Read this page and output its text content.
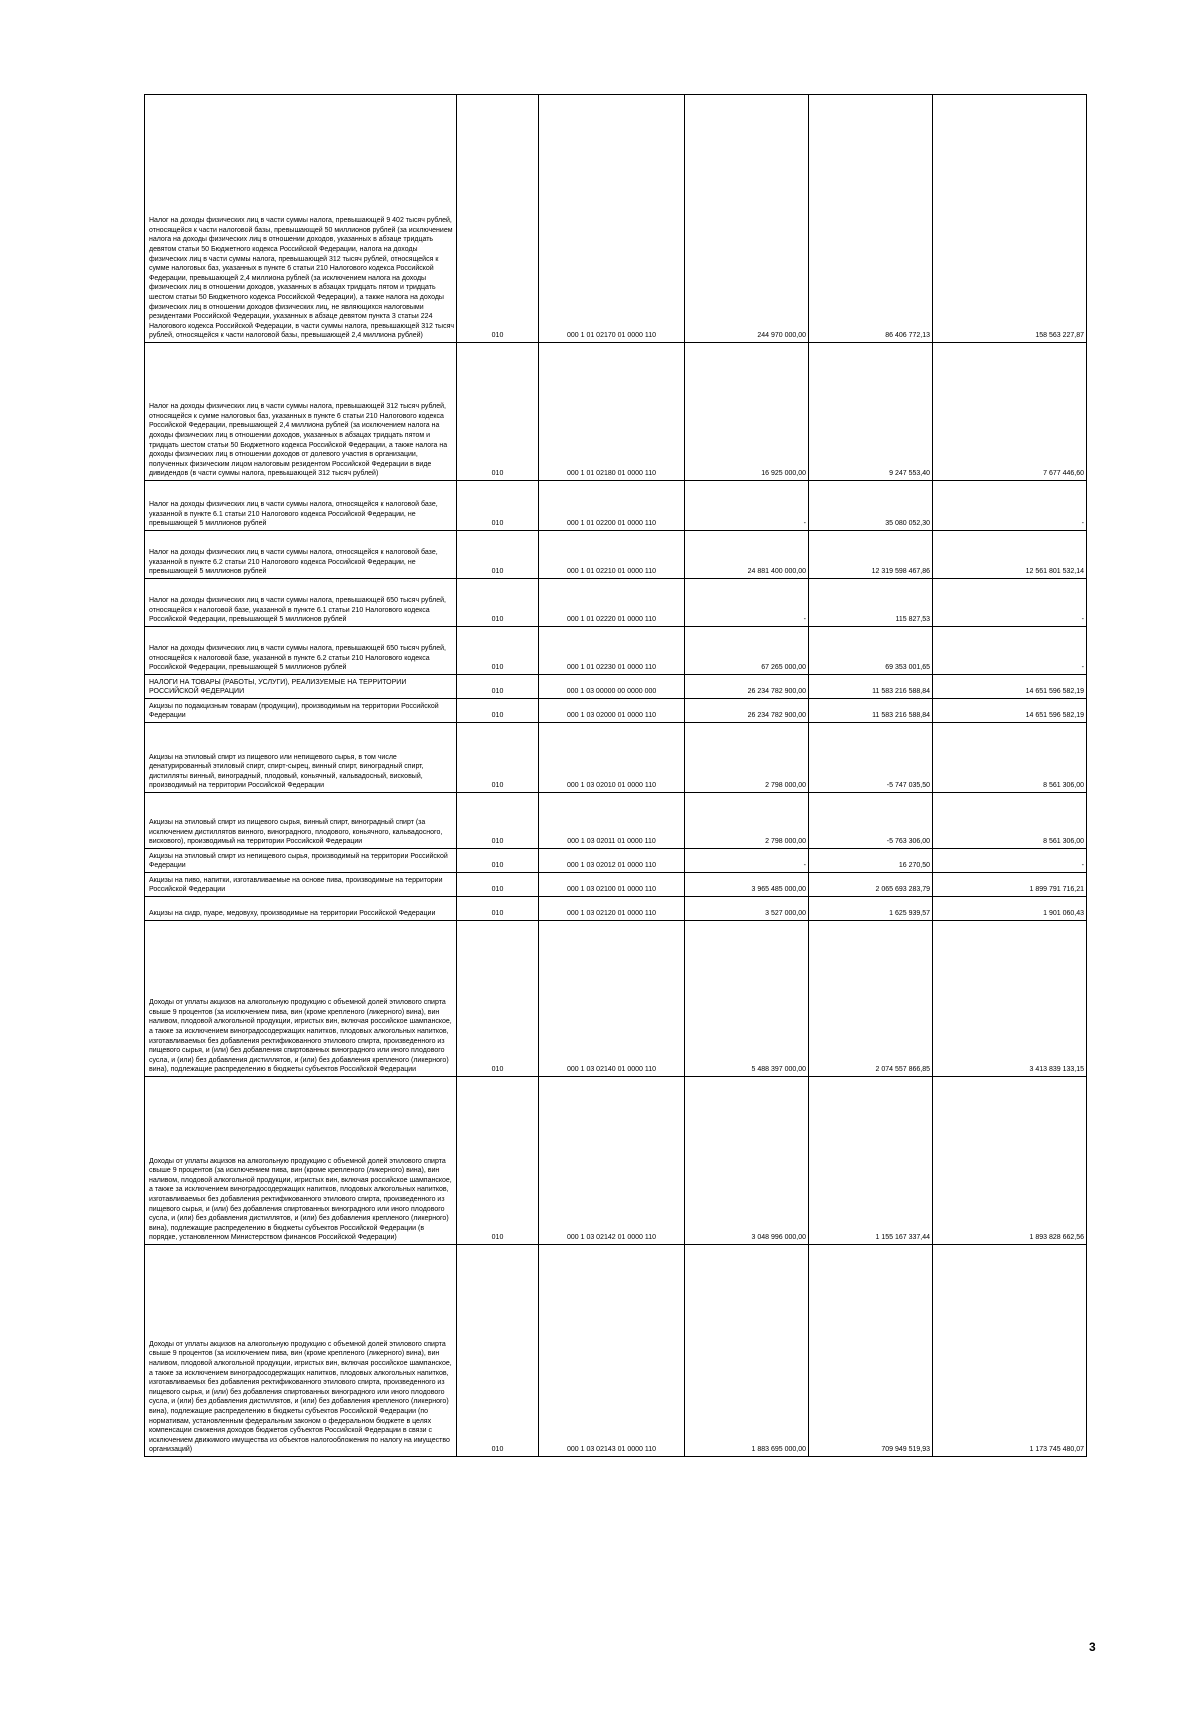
Налог на доходы физических лиц в части суммы налога, превышающей 9 402 тысяч рублей, относящейся к части налоговой базы, превышающей 50 миллионов рублей (за исключением налога на доходы физических лиц в отношении доходов, указанных в абзаце тридцать девятом статьи 50 Бюджетного кодекса Российской Федерации, налога на доходы физических лиц в части суммы налога, превышающей 312 тысяч рублей, относящейся к сумме налоговых баз, указанных в пункте 6 статьи 210 Налогового кодекса Российской Федерации, превышающей 2,4 миллиона рублей (за исключением налога на доходы физических лиц в отношении доходов, указанных в абзацах тридцать пятом и тридцать шестом статьи 50 Бюджетного кодекса Российской Федерации), а также налога на доходы физических лиц в отношении доходов физических лиц, не являющихся налоговыми резидентами Российской Федерации, указанных в абзаце девятом пункта 3 статьи 224 Налогового кодекса Российской Федерации, в части суммы налога, превышающей 312 тысяч рублей, относящейся к части налоговой базы, превышающей 2,4 миллиона рублей)	010	000 1 01 02170 01 0000 110	244 970 000,00	86 406 772,13	158 563 227,87

Налог на доходы физических лиц в части суммы налога, превышающей 312 тысяч рублей, относящейся к сумме налоговых баз, указанных в пункте 6 статьи 210 Налогового кодекса Российской Федерации, превышающей 2,4 миллиона рублей (за исключением налога на доходы физических лиц в отношении доходов, указанных в абзацах тридцать пятом и тридцать шестом статьи 50 Бюджетного кодекса Российской Федерации, а также налога на доходы физических лиц в отношении доходов от долевого участия в организации, полученных физическим лицом налоговым резидентом Российской Федерации в виде дивидендов (в части суммы налога, превышающей 312 тысяч рублей)	010	000 1 01 02180 01 0000 110	16 925 000,00	9 247 553,40	7 677 446,60

Налог на доходы физических лиц в части суммы налога, относящейся к налоговой базе, указанной в пункте 6.1 статьи 210 Налогового кодекса Российской Федерации, не превышающей 5 миллионов рублей	010	000 1 01 02200 01 0000 110	-	35 080 052,30	-

Налог на доходы физических лиц в части суммы налога, относящейся к налоговой базе, указанной в пункте 6.2 статьи 210 Налогового кодекса Российской Федерации, не превышающей 5 миллионов рублей	010	000 1 01 02210 01 0000 110	24 881 400 000,00	12 319 598 467,86	12 561 801 532,14

Налог на доходы физических лиц в части суммы налога, превышающей 650 тысяч рублей, относящейся к налоговой базе, указанной в пункте 6.1 статьи 210 Налогового кодекса Российской Федерации, превышающей 5 миллионов рублей	010	000 1 01 02220 01 0000 110	-	115 827,53	-

Налог на доходы физических лиц в части суммы налога, превышающей 650 тысяч рублей, относящейся к налоговой базе, указанной в пункте 6.2 статьи 210 Налогового кодекса Российской Федерации, превышающей 5 миллионов рублей	010	000 1 01 02230 01 0000 110	67 265 000,00	69 353 001,65	-

НАЛОГИ НА ТОВАРЫ (РАБОТЫ, УСЛУГИ), РЕАЛИЗУЕМЫЕ НА ТЕРРИТОРИИ РОССИЙСКОЙ ФЕДЕРАЦИИ	010	000 1 03 00000 00 0000 000	26 234 782 900,00	11 583 216 588,84	14 651 596 582,19

Акцизы по подакцизным товарам (продукции), производимым на территории Российской Федерации	010	000 1 03 02000 01 0000 110	26 234 782 900,00	11 583 216 588,84	14 651 596 582,19

Акцизы на этиловый спирт из пищевого или непищевого сырья, в том числе денатурированный этиловый спирт, спирт-сырец, винный спирт, виноградный спирт, дистилляты винный, виноградный, плодовый, коньячный, кальвадосный, висковый, производимый на территории Российской Федерации	010	000 1 03 02010 01 0000 110	2 798 000,00	-5 747 035,50	8 561 306,00

Акцизы на этиловый спирт из пищевого сырья, винный спирт, виноградный спирт (за исключением дистиллятов винного, виноградного, плодового, коньячного, кальвадосного, вискового), производимый на территории Российской Федерации	010	000 1 03 02011 01 0000 110	2 798 000,00	-5 763 306,00	8 561 306,00

Акцизы на этиловый спирт из непищевого сырья, производимый на территории Российской Федерации	010	000 1 03 02012 01 0000 110	-	16 270,50	-

Акцизы на пиво, напитки, изготавливаемые на основе пива, производимые на территории Российской Федерации	010	000 1 03 02100 01 0000 110	3 965 485 000,00	2 065 693 283,79	1 899 791 716,21

Акцизы на сидр, пуаре, медовуху, производимые на территории Российской Федерации	010	000 1 03 02120 01 0000 110	3 527 000,00	1 625 939,57	1 901 060,43

Доходы от уплаты акцизов на алкогольную продукцию с объемной долей этилового спирта свыше 9 процентов (за исключением пива, вин (кроме крепленого (ликерного) вина), вин наливом, плодовой алкогольной продукции, игристых вин, включая российское шампанское, а также за исключением виноградосодержащих напитков, плодовых алкогольных напитков, изготавливаемых без добавления ректификованного этилового спирта, произведенного из пищевого сырья, и (или) без добавления спиртованных виноградного или иного плодового сусла, и (или) без добавления дистиллятов, и (или) без добавления крепленого (ликерного) вина), подлежащие распределению в бюджеты субъектов Российской Федерации	010	000 1 03 02140 01 0000 110	5 488 397 000,00	2 074 557 866,85	3 413 839 133,15

Доходы от уплаты акцизов на алкогольную продукцию с объемной долей этилового спирта свыше 9 процентов (за исключением пива, вин (кроме крепленого (ликерного) вина), вин наливом, плодовой алкогольной продукции, игристых вин, включая российское шампанское, а также за исключением виноградосодержащих напитков, плодовых алкогольных напитков, изготавливаемых без добавления ректификованного этилового спирта, произведенного из пищевого сырья, и (или) без добавления спиртованных виноградного или иного плодового сусла, и (или) без добавления дистиллятов, и (или) без добавления крепленого (ликерного) вина), подлежащие распределению в бюджеты субъектов Российской Федерации (в порядке, установленном Министерством финансов Российской Федерации)	010	000 1 03 02142 01 0000 110	3 048 996 000,00	1 155 167 337,44	1 893 828 662,56

Доходы от уплаты акцизов на алкогольную продукцию с объемной долей этилового спирта свыше 9 процентов (за исключением пива, вин (кроме крепленого (ликерного) вина), вин наливом, плодовой алкогольной продукции, игристых вин, включая российское шампанское, а также за исключением виноградосодержащих напитков, плодовых алкогольных напитков, изготавливаемых без добавления ректификованного этилового спирта, произведенного из пищевого сырья, и (или) без добавления спиртованных виноградного или иного плодового сусла, и (или) без добавления дистиллятов, и (или) без добавления крепленого (ликерного) вина), подлежащие распределению в бюджеты субъектов Российской Федерации (по нормативам, установленным федеральным законом о федеральном бюджете в целях компенсации снижения доходов бюджетов субъектов Российской Федерации в связи с исключением движимого имущества из объектов налогообложения по налогу на имущество организаций)	010	000 1 03 02143 01 0000 110	1 883 695 000,00	709 949 519,93	1 173 745 480,07
3
